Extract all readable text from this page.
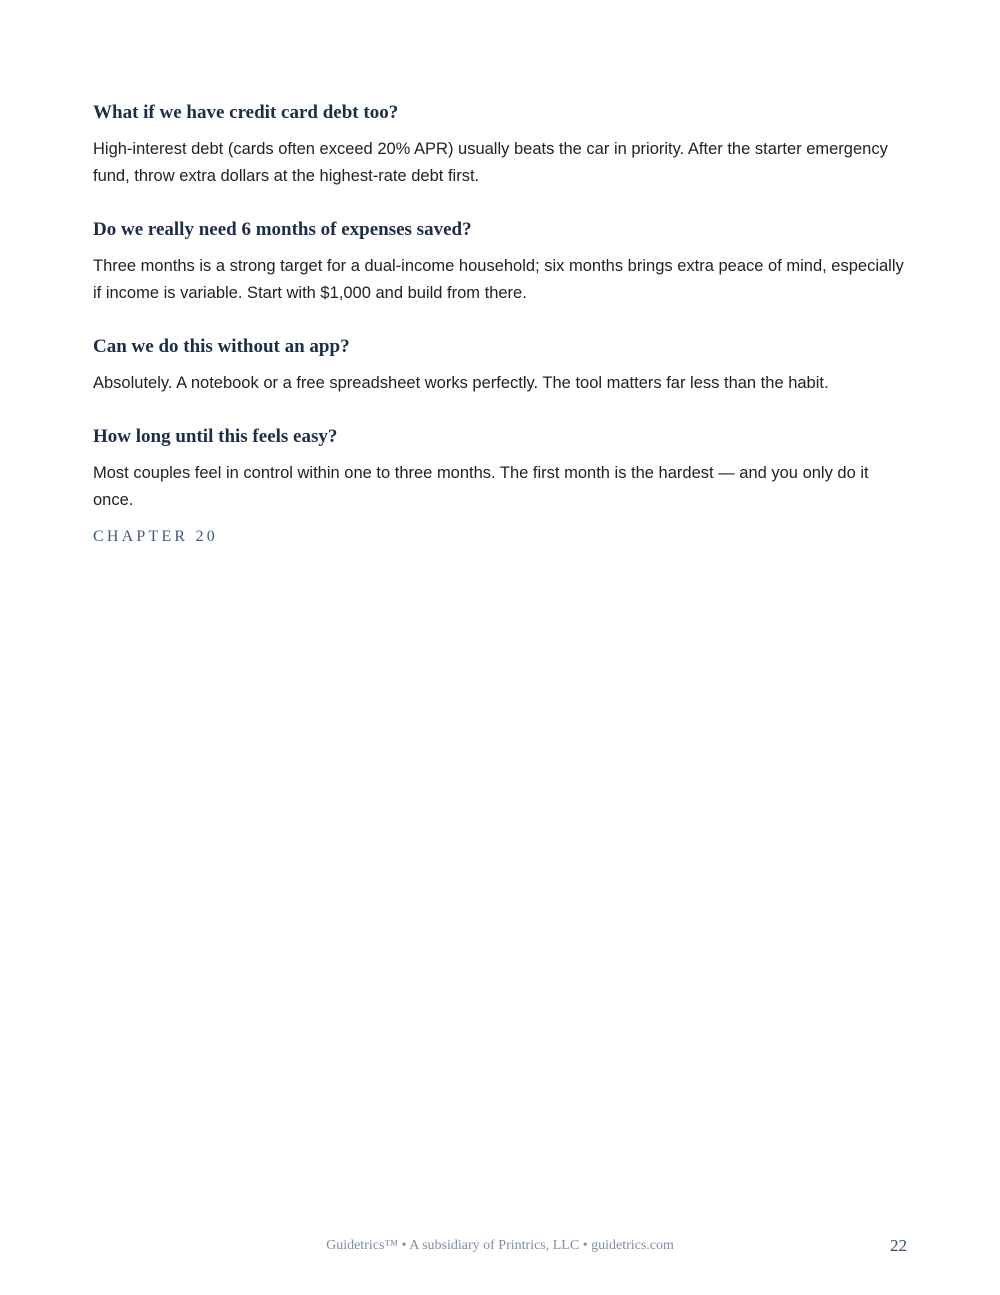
What if we have credit card debt too?

High-interest debt (cards often exceed 20% APR) usually beats the car in priority. After the starter emergency fund, throw extra dollars at the highest-rate debt first.

Do we really need 6 months of expenses saved?

Three months is a strong target for a dual-income household; six months brings extra peace of mind, especially if income is variable. Start with $1,000 and build from there.

Can we do this without an app?

Absolutely. A notebook or a free spreadsheet works perfectly. The tool matters far less than the habit.

How long until this feels easy?

Most couples feel in control within one to three months. The first month is the hardest — and you only do it once.

CHAPTER 20

Guidetrics™ • A subsidiary of Printrics, LLC • guidetrics.com	22
